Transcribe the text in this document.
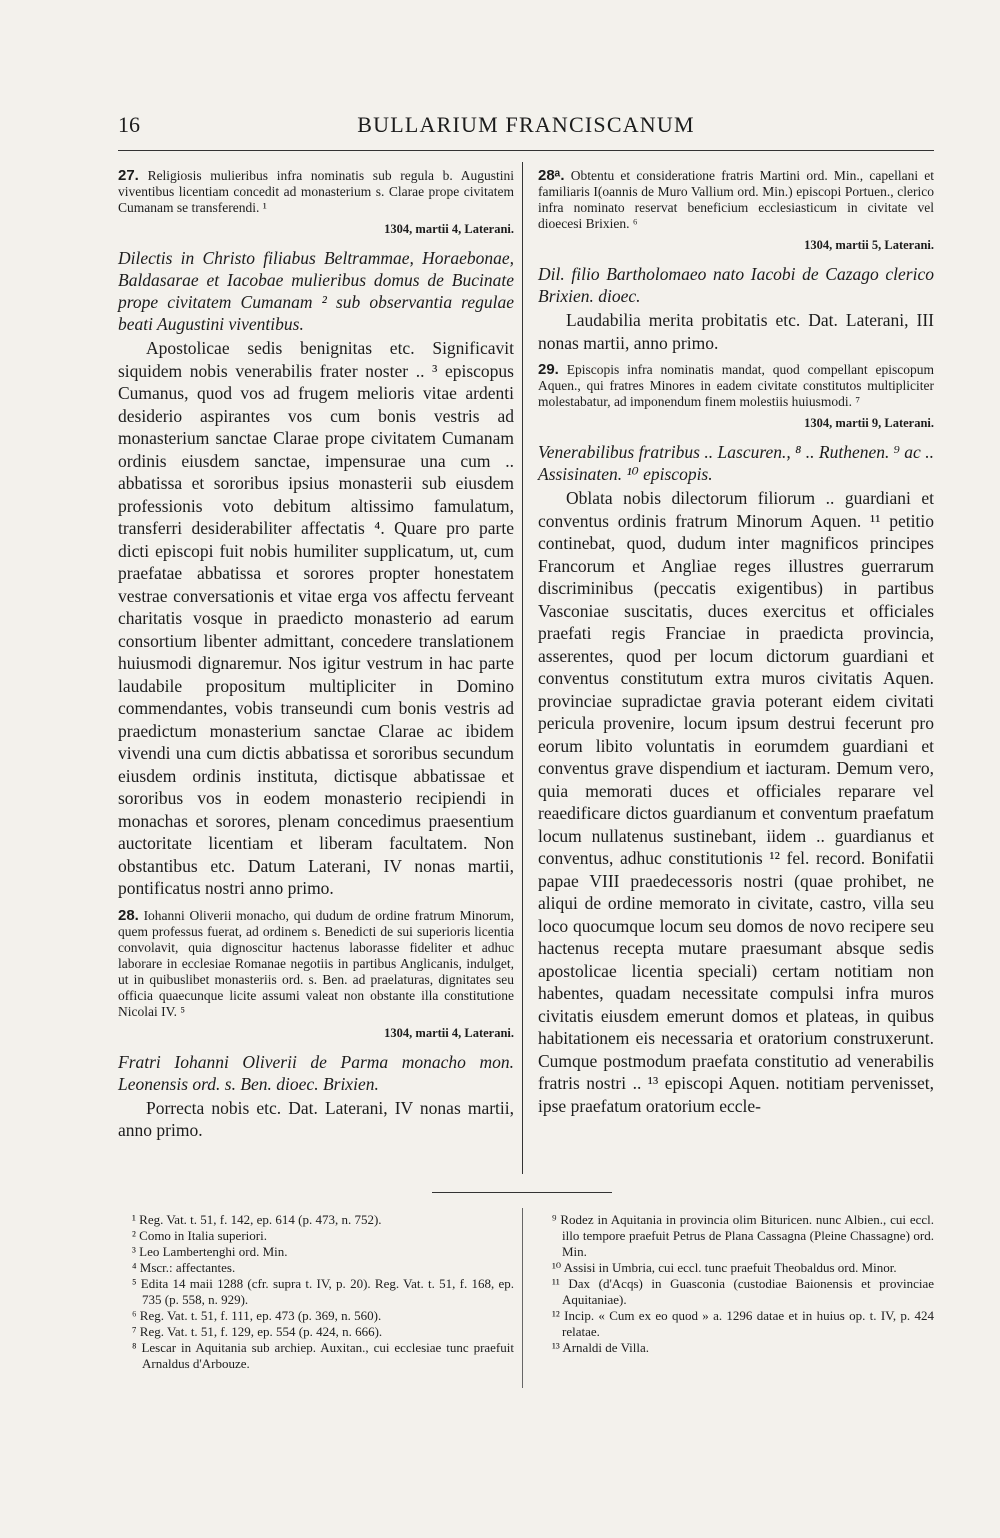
16	BULLARIUM FRANCISCANUM

27. Religiosis mulieribus infra nominatis sub regula b. Augustini viventibus licentiam concedit ad monasterium s. Clarae prope civitatem Cumanam se transferendi. ¹

1304, martii 4, Laterani.

Dilectis in Christo filiabus Beltrammae, Horaebonae, Baldasarae et Iacobae mulieribus domus de Bucinate prope civitatem Cumanam ² sub observantia regulae beati Augustini viventibus.

Apostolicae sedis benignitas etc. Significavit siquidem nobis venerabilis frater noster .. ³ episcopus Cumanus, quod vos ad frugem melioris vitae ardenti desiderio aspirantes vos cum bonis vestris ad monasterium sanctae Clarae prope civitatem Cumanam ordinis eiusdem sanctae, impensurae una cum .. abbatissa et sororibus ipsius monasterii sub eiusdem professionis voto debitum altissimo famulatum, transferri desiderabiliter affectatis ⁴. Quare pro parte dicti episcopi fuit nobis humiliter supplicatum, ut, cum praefatae abbatissa et sorores propter honestatem vestrae conversationis et vitae erga vos affectu ferveant charitatis vosque in praedicto monasterio ad earum consortium libenter admittant, concedere translationem huiusmodi dignaremur. Nos igitur vestrum in hac parte laudabile propositum multipliciter in Domino commendantes, vobis transeundi cum bonis vestris ad praedictum monasterium sanctae Clarae ac ibidem vivendi una cum dictis abbatissa et sororibus secundum eiusdem ordinis instituta, dictisque abbatissae et sororibus vos in eodem monasterio recipiendi in monachas et sorores, plenam concedimus praesentium auctoritate licentiam et liberam facultatem. Non obstantibus etc. Datum Laterani, IV nonas martii, pontificatus nostri anno primo.

28. Iohanni Oliverii monacho, qui dudum de ordine fratrum Minorum, quem professus fuerat, ad ordinem s. Benedicti de sui superioris licentia convolavit, quia dignoscitur hactenus laborasse fideliter et adhuc laborare in ecclesiae Romanae negotiis in partibus Anglicanis, indulget, ut in quibuslibet monasteriis ord. s. Ben. ad praelaturas, dignitates seu officia quaecunque licite assumi valeat non obstante illa constitutione Nicolai IV. ⁵

1304, martii 4, Laterani.

Fratri Iohanni Oliverii de Parma monacho mon. Leonensis ord. s. Ben. dioec. Brixien.

Porrecta nobis etc. Dat. Laterani, IV nonas martii, anno primo.

28ᵃ. Obtentu et consideratione fratris Martini ord. Min., capellani et familiaris I(oannis de Muro Vallium ord. Min.) episcopi Portuen., clerico infra nominato reservat beneficium ecclesiasticum in civitate vel dioecesi Brixien. ⁶

1304, martii 5, Laterani.

Dil. filio Bartholomaeo nato Iacobi de Cazago clerico Brixien. dioec.

Laudabilia merita probitatis etc. Dat. Laterani, III nonas martii, anno primo.

29. Episcopis infra nominatis mandat, quod compellant episcopum Aquen., qui fratres Minores in eadem civitate constitutos multipliciter molestabatur, ad imponendum finem molestiis huiusmodi. ⁷

1304, martii 9, Laterani.

Venerabilibus fratribus .. Lascuren., ⁸ .. Ruthenen. ⁹ ac .. Assisinaten. ¹⁰ episcopis.

Oblata nobis dilectorum filiorum .. guardiani et conventus ordinis fratrum Minorum Aquen. ¹¹ petitio continebat, quod, dudum inter magnificos principes Francorum et Angliae reges illustres guerrarum discriminibus (peccatis exigentibus) in partibus Vasconiae suscitatis, duces exercitus et officiales praefati regis Franciae in praedicta provincia, asserentes, quod per locum dictorum guardiani et conventus constitutum extra muros civitatis Aquen. provinciae supradictae gravia poterant eidem civitati pericula provenire, locum ipsum destrui fecerunt pro eorum libito voluntatis in eorumdem guardiani et conventus grave dispendium et iacturam. Demum vero, quia memorati duces et officiales reparare vel reaedificare dictos guardianum et conventum praefatum locum nullatenus sustinebant, iidem .. guardianus et conventus, adhuc constitutionis ¹² fel. record. Bonifatii papae VIII praedecessoris nostri (quae prohibet, ne aliqui de ordine memorato in civitate, castro, villa seu loco quocumque locum seu domos de novo recipere seu hactenus recepta mutare praesumant absque sedis apostolicae licentia speciali) certam notitiam non habentes, quadam necessitate compulsi infra muros civitatis eiusdem emerunt domos et plateas, in quibus habitationem eis necessaria et oratorium construxerunt. Cumque postmodum praefata constitutio ad venerabilis fratris nostri .. ¹³ episcopi Aquen. notitiam pervenisset, ipse praefatum oratorium eccle-

¹ Reg. Vat. t. 51, f. 142, ep. 614 (p. 473, n. 752).

² Como in Italia superiori.

³ Leo Lambertenghi ord. Min.

⁴ Mscr.: affectantes.

⁵ Edita 14 maii 1288 (cfr. supra t. IV, p. 20). Reg. Vat. t. 51, f. 168, ep. 735 (p. 558, n. 929).

⁶ Reg. Vat. t. 51, f. 111, ep. 473 (p. 369, n. 560).

⁷ Reg. Vat. t. 51, f. 129, ep. 554 (p. 424, n. 666).

⁸ Lescar in Aquitania sub archiep. Auxitan., cui ecclesiae tunc praefuit Arnaldus d'Arbouze.

⁹ Rodez in Aquitania in provincia olim Bituricen. nunc Albien., cui eccl. illo tempore praefuit Petrus de Plana Cassagna (Pleine Chassagne) ord. Min.

¹⁰ Assisi in Umbria, cui eccl. tunc praefuit Theobaldus ord. Minor.

¹¹ Dax (d'Acqs) in Guasconia (custodiae Baionensis et provinciae Aquitaniae).

¹² Incip. « Cum ex eo quod » a. 1296 datae et in huius op. t. IV, p. 424 relatae.

¹³ Arnaldi de Villa.
